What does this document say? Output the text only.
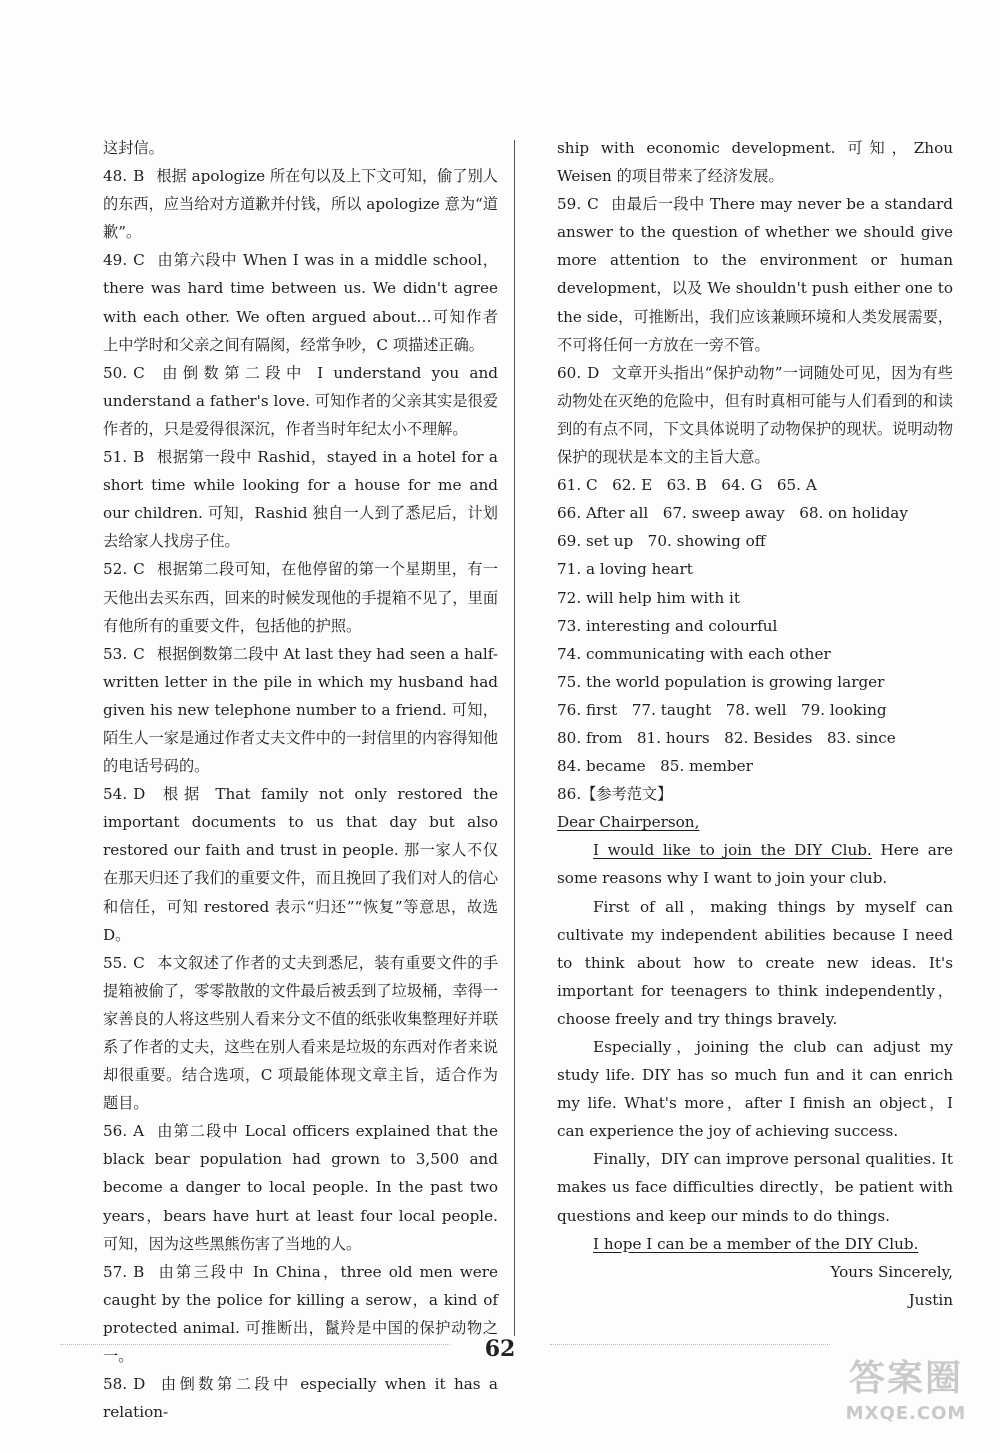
这封信。

48. B 根据 apologize 所在句以及上下文可知，偷了别人的东西，应当给对方道歉并付钱，所以 apologize 意为“道歉”。

49. C 由第六段中 When I was in a middle school，there was hard time between us. We didn't agree with each other. We often argued about…可知作者上中学时和父亲之间有隔阂，经常争吵，C 项描述正确。

50. C 由倒数第二段中 I understand you and understand a father's love. 可知作者的父亲其实是很爱作者的，只是爱得很深沉，作者当时年纪太小不理解。

51. B 根据第一段中 Rashid，stayed in a hotel for a short time while looking for a house for me and our children. 可知，Rashid 独自一人到了悉尼后，计划去给家人找房子住。

52. C 根据第二段可知，在他停留的第一个星期里，有一天他出去买东西，回来的时候发现他的手提箱不见了，里面有他所有的重要文件，包括他的护照。

53. C 根据倒数第二段中 At last they had seen a half-written letter in the pile in which my husband had given his new telephone number to a friend. 可知，陌生人一家是通过作者丈夫文件中的一封信里的内容得知他的电话号码的。

54. D 根据 That family not only restored the important documents to us that day but also restored our faith and trust in people. 那一家人不仅在那天归还了我们的重要文件，而且挽回了我们对人的信心和信任，可知 restored 表示“归还”“恢复”等意思，故选 D。

55. C 本文叙述了作者的丈夫到悉尼，装有重要文件的手提箱被偷了，零零散散的文件最后被丢到了垃圾桶，幸得一家善良的人将这些别人看来分文不值的纸张收集整理好并联系了作者的丈夫，这些在别人看来是垃圾的东西对作者来说却很重要。结合选项，C 项最能体现文章主旨，适合作为题目。

56. A 由第二段中 Local officers explained that the black bear population had grown to 3,500 and become a danger to local people. In the past two years，bears have hurt at least four local people. 可知，因为这些黑熊伤害了当地的人。

57. B 由第三段中 In China，three old men were caught by the police for killing a serow，a kind of protected animal. 可推断出，鬣羚是中国的保护动物之一。

58. D 由倒数第二段中 especially when it has a relation-

ship with economic development. 可知，Zhou Weisen 的项目带来了经济发展。

59. C 由最后一段中 There may never be a standard answer to the question of whether we should give more attention to the environment or human development，以及 We shouldn't push either one to the side，可推断出，我们应该兼顾环境和人类发展需要，不可将任何一方放在一旁不管。

60. D 文章开头指出“保护动物”一词随处可见，因为有些动物处在灭绝的危险中，但有时真相可能与人们看到的和读到的有点不同，下文具体说明了动物保护的现状。说明动物保护的现状是本文的主旨大意。

61. C   62. E   63. B   64. G   65. A

66. After all   67. sweep away   68. on holiday

69. set up   70. showing off

71. a loving heart

72. will help him with it

73. interesting and colourful

74. communicating with each other

75. the world population is growing larger

76. first   77. taught   78. well   79. looking

80. from   81. hours   82. Besides   83. since

84. became   85. member

86.【参考范文】

Dear Chairperson,

I would like to join the DIY Club. Here are some reasons why I want to join your club.

First of all，making things by myself can cultivate my independent abilities because I need to think about how to create new ideas. It's important for teenagers to think independently，choose freely and try things bravely.

Especially，joining the club can adjust my study life. DIY has so much fun and it can enrich my life. What's more，after I finish an object，I can experience the joy of achieving success.

Finally，DIY can improve personal qualities. It makes us face difficulties directly，be patient with questions and keep our minds to do things.

I hope I can be a member of the DIY Club.

Yours Sincerely,

Justin

62
答案圈
MXQE.COM
